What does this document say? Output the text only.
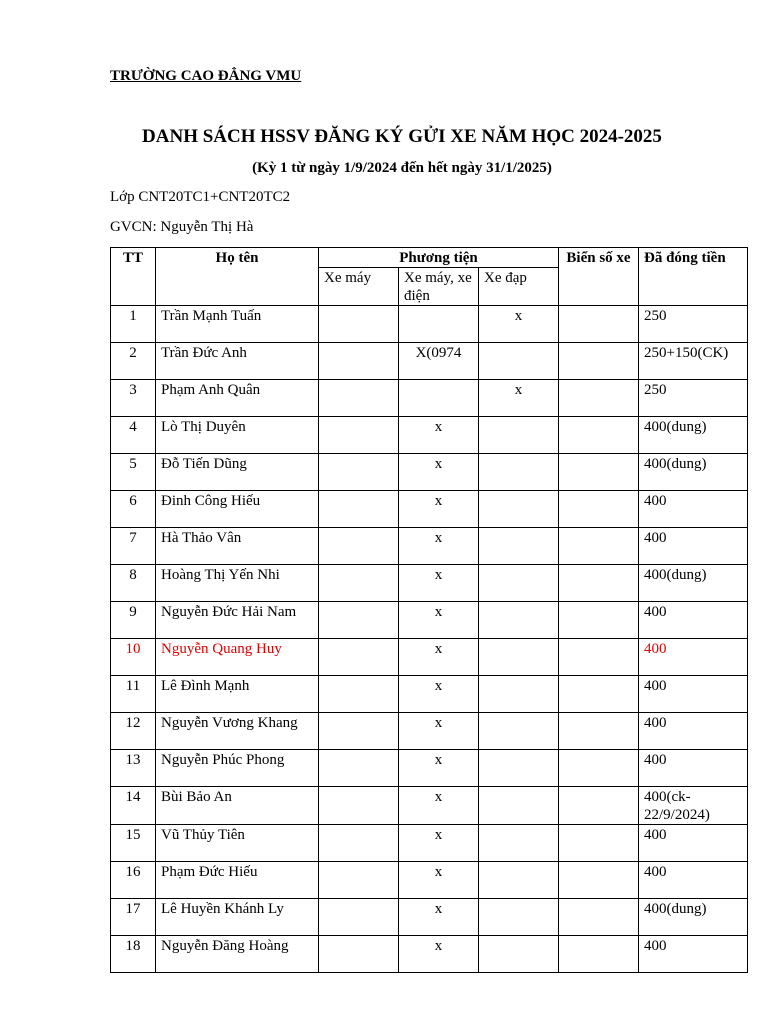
TRƯỜNG CAO ĐẲNG VMU
DANH SÁCH HSSV ĐĂNG KÝ GỬI XE NĂM HỌC 2024-2025
(Kỳ 1 từ ngày 1/9/2024 đến hết ngày 31/1/2025)
Lớp CNT20TC1+CNT20TC2
GVCN: Nguyễn Thị Hà
TT	Họ tên	Phương tiện			Biển số xe	Đã đóng tiền
		Xe máy	Xe máy, xe điện	Xe đạp		
1	Trần Mạnh Tuấn			x		250
2	Trần Đức Anh		X(0974			250+150(CK)
3	Phạm Anh Quân			x		250
4	Lò Thị Duyên		x			400(dung)
5	Đỗ Tiến Dũng		x			400(dung)
6	Đinh Công Hiếu		x			400
7	Hà Thảo Vân		x			400
8	Hoàng Thị Yến Nhi		x			400(dung)
9	Nguyễn Đức Hải Nam		x			400
10	Nguyễn Quang Huy		x			400
11	Lê Đình Mạnh		x			400
12	Nguyễn Vương Khang		x			400
13	Nguyễn Phúc Phong		x			400
14	Bùi Bảo An		x			400(ck-22/9/2024)
15	Vũ Thủy Tiên		x			400
16	Phạm Đức Hiếu		x			400
17	Lê Huyền Khánh Ly		x			400(dung)
18	Nguyễn Đăng Hoàng		x			400
